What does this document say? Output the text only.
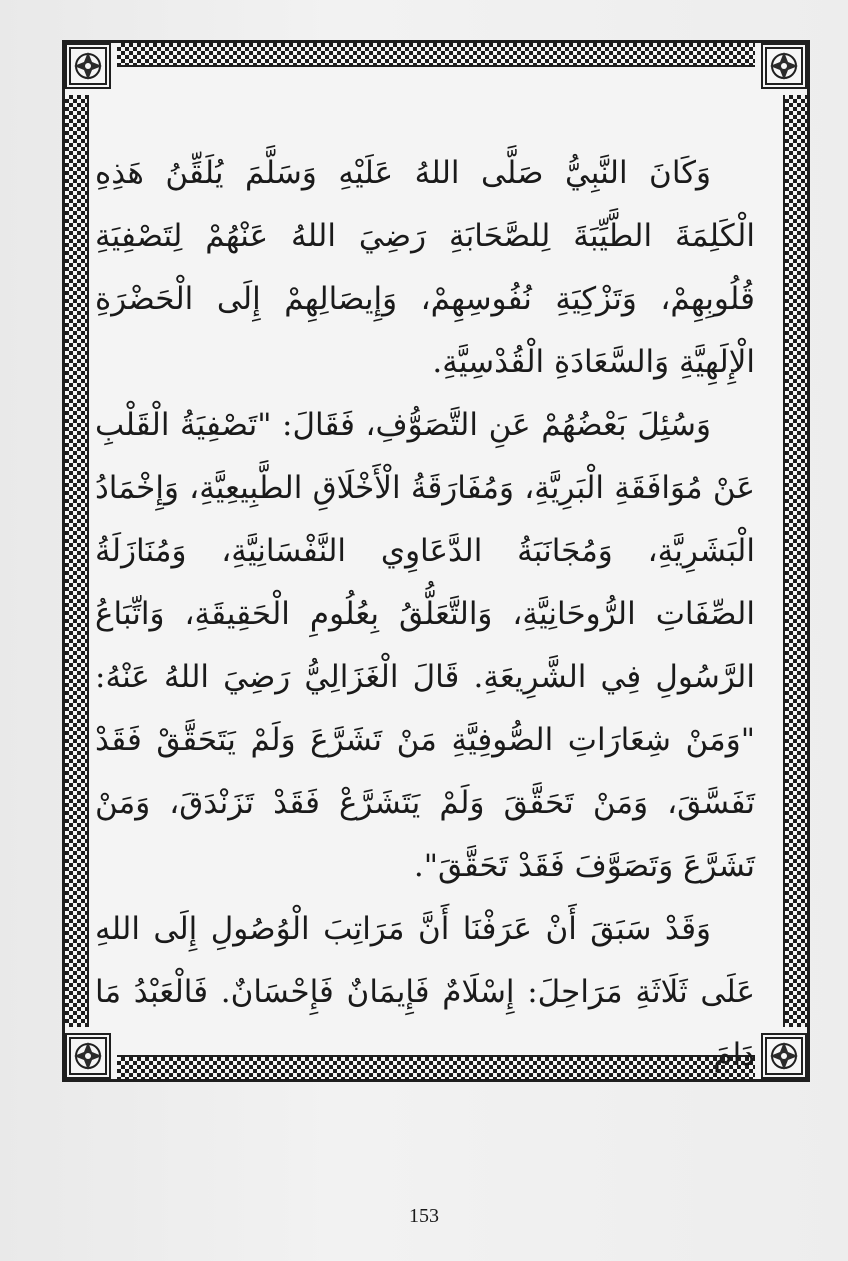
وَكَانَ النَّبِيُّ صَلَّى اللهُ عَلَيْهِ وَسَلَّمَ يُلَقِّنُ هَذِهِ الْكَلِمَةَ الطَّيِّبَةَ لِلصَّحَابَةِ رَضِيَ اللهُ عَنْهُمْ لِتَصْفِيَةِ قُلُوبِهِمْ، وَتَزْكِيَةِ نُفُوسِهِمْ، وَإِيصَالِهِمْ إِلَى الْحَضْرَةِ الْإِلَهِيَّةِ وَالسَّعَادَةِ الْقُدْسِيَّةِ.

وَسُئِلَ بَعْضُهُمْ عَنِ التَّصَوُّفِ، فَقَالَ: "تَصْفِيَةُ الْقَلْبِ عَنْ مُوَافَقَةِ الْبَرِيَّةِ، وَمُفَارَقَةُ الْأَخْلَاقِ الطَّبِيعِيَّةِ، وَإِخْمَادُ الْبَشَرِيَّةِ، وَمُجَانَبَةُ الدَّعَاوِي النَّفْسَانِيَّةِ، وَمُنَازَلَةُ الصِّفَاتِ الرُّوحَانِيَّةِ، وَالتَّعَلُّقُ بِعُلُومِ الْحَقِيقَةِ، وَاتِّبَاعُ الرَّسُولِ فِي الشَّرِيعَةِ. قَالَ الْغَزَالِيُّ رَضِيَ اللهُ عَنْهُ: "وَمَنْ شِعَارَاتِ الصُّوفِيَّةِ مَنْ تَشَرَّعَ وَلَمْ يَتَحَقَّقْ فَقَدْ تَفَسَّقَ، وَمَنْ تَحَقَّقَ وَلَمْ يَتَشَرَّعْ فَقَدْ تَزَنْدَقَ، وَمَنْ تَشَرَّعَ وَتَصَوَّفَ فَقَدْ تَحَقَّقَ".

وَقَدْ سَبَقَ أَنْ عَرَفْنَا أَنَّ مَرَاتِبَ الْوُصُولِ إِلَى اللهِ عَلَى ثَلَاثَةِ مَرَاحِلَ: إِسْلَامٌ فَإِيمَانٌ فَإِحْسَانٌ. فَالْعَبْدُ مَا دَامَ

153
